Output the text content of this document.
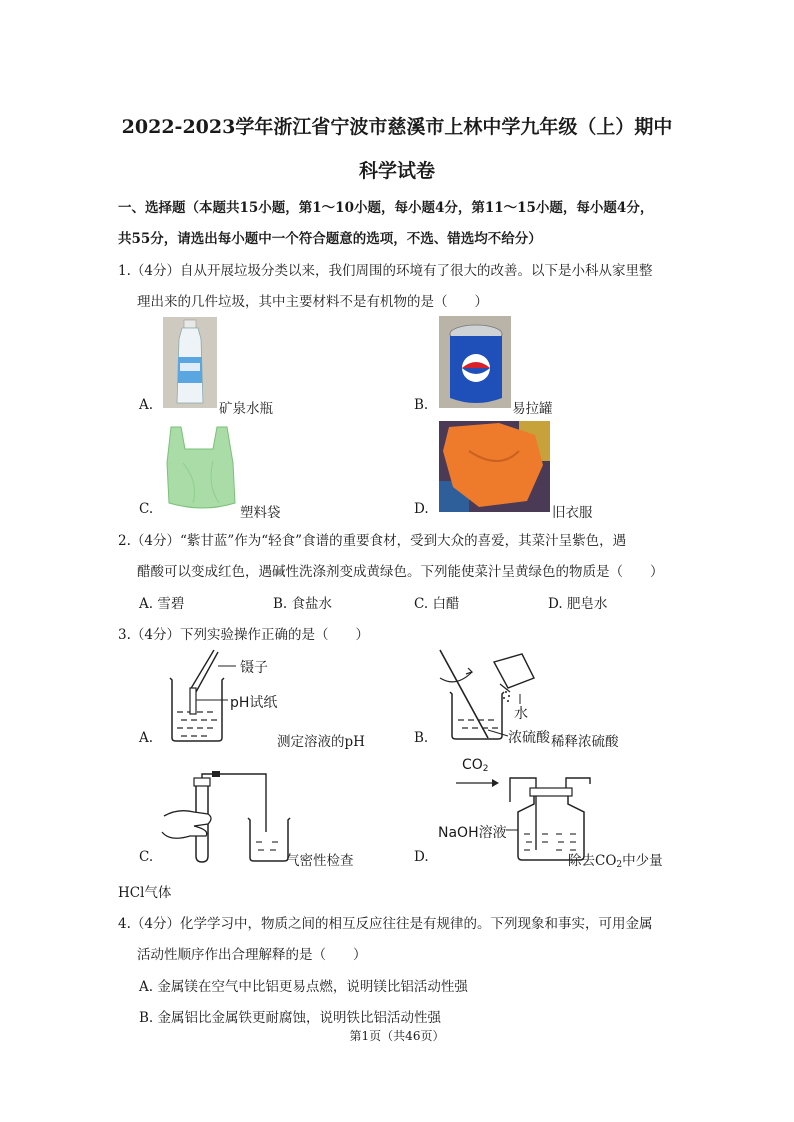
2022-2023学年浙江省宁波市慈溪市上林中学九年级（上）期中
科学试卷
一、选择题（本题共15小题，第1～10小题，每小题4分，第11～15小题，每小题4分，
共55分，请选出每小题中一个符合题意的选项，不选、错选均不给分）
1.（4分）自从开展垃圾分类以来，我们周围的环境有了很大的改善。以下是小科从家里整
理出来的几件垃圾，其中主要材料不是有机物的是（　　）
A.	矿泉水瓶	B.	易拉罐
C.	塑料袋	D.	旧衣服
2.（4分）“紫甘蓝”作为“轻食”食谱的重要食材，受到大众的喜爱，其菜汁呈紫色，遇
醋酸可以变成红色，遇碱性洗涤剂变成黄绿色。下列能使菜汁呈黄绿色的物质是（　　）
A. 雪碧	B. 食盐水	C. 白醋	D. 肥皂水
3.（4分）下列实验操作正确的是（　　）
镊子
pH试纸
A.	测定溶液的pH
水
浓硫酸
B.	稀释浓硫酸
C.	气密性检查
$CO_2$
NaOH溶液
D.	除去$CO_2$中少量
HCl气体
4.（4分）化学学习中，物质之间的相互反应往往是有规律的。下列现象和事实，可用金属
活动性顺序作出合理解释的是（　　）
A. 金属镁在空气中比铝更易点燃，说明镁比铝活动性强
B. 金属铝比金属铁更耐腐蚀，说明铁比铝活动性强
第1页（共46页）
